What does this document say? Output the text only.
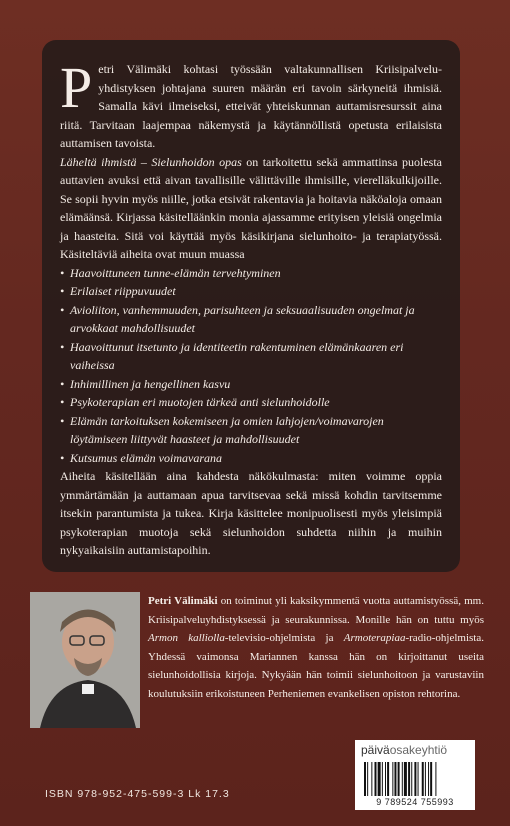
Petri Välimäki kohtasi työssään valtakunnallisen Kriisipalvelu-yhdistyksen johtajana suuren määrän eri tavoin särkyneitä ihmisiä. Samalla kävi ilmeiseksi, etteivät yhteiskunnan auttamisresurssit aina riitä. Tarvitaan laajempaa näkemystä ja käytännöllistä opetusta erilaisista auttamisen tavoista.

Läheltä ihmistä – Sielunhoidon opas on tarkoitettu sekä ammattinsa puolesta auttavien avuksi että aivan tavallisille välittäville ihmisille, vierelläkulkijoille. Se sopii hyvin myös niille, jotka etsivät rakentavia ja hoitavia näköaloja omaan elämäänsä. Kirjassa käsitelläänkin monia ajassamme erityisen yleisiä ongelmia ja haasteita. Sitä voi käyttää myös käsikirjana sielunhoito- ja terapiatyössä. Käsiteltäviä aiheita ovat muun muassa

• Haavoittuneen tunne-elämän tervehtyminen
• Erilaiset riippuvuudet
• Avioliiton, vanhemmuuden, parisuhteen ja seksuaalisuuden ongelmat ja arvokkaat mahdollisuudet
• Haavoittunut itsetunto ja identiteetin rakentuminen elämänkaaren eri vaiheissa
• Inhimillinen ja hengellinen kasvu
• Psykoterapian eri muotojen tärkeä anti sielunhoidolle
• Elämän tarkoituksen kokemiseen ja omien lahjojen/voimavarojen löytämiseen liittyvät haasteet ja mahdollisuudet
• Kutsumus elämän voimavarana

Aiheita käsitellään aina kahdesta näkökulmasta: miten voimme oppia ymmärtämään ja auttamaan apua tarvitsevaa sekä missä kohdin tarvitsemme itsekin parantumista ja tukea. Kirja käsittelee monipuolisesti myös yleisimpiä psykoterapian muotoja sekä sielunhoidon suhdetta niihin ja muihin nykyaikaisiin auttamistapoihin.

Petri Välimäki on toiminut yli kaksikymmentä vuotta auttamistyössä, mm. Kriisipalveluyhdistyksessä ja seurakunnissa. Monille hän on tuttu myös Armon kalliolla-televisio-ohjelmista ja Armoterapiaa-radio-ohjelmista. Yhdessä vaimonsa Mariannen kanssa hän on kirjoittanut useita sielunhoidollisia kirjoja. Nykyään hän toimii sielunhoitoon ja varustaviin koulutuksiin erikoistuneen Perheniemen evankelisen opiston rehtorina.
päiväosakeyhtiö
9 789524 755993
ISBN 978-952-475-599-3 Lk 17.3
